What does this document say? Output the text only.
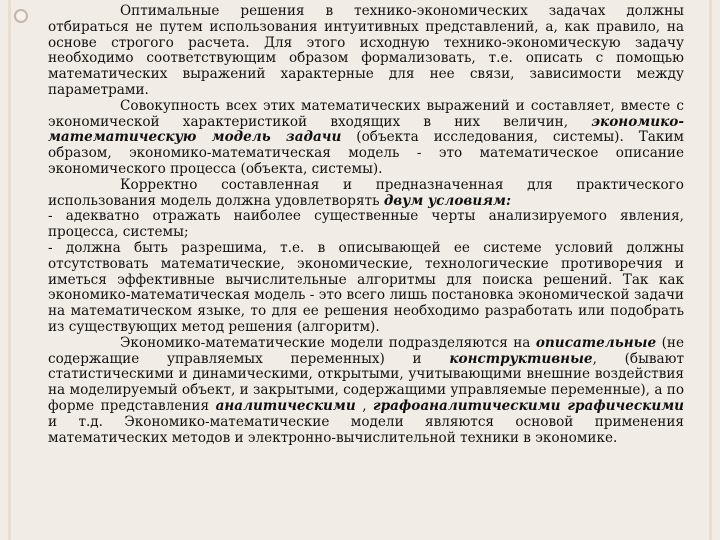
Оптимальные решения в технико-экономических задачах должны отбираться не путем использования интуитивных представлений, а, как правило, на основе строгого расчета. Для этого исходную технико-экономическую задачу необходимо соответствующим образом формализовать, т.е. описать с помощью математических выражений характерные для нее связи, зависимости между параметрами.

Совокупность всех этих математических выражений и составляет, вместе с экономической характеристикой входящих в них величин, экономико-математическую модель задачи (объекта исследования, системы). Таким образом, экономико-математическая модель - это математическое описание экономического процесса (объекта, системы).

Корректно составленная и предназначенная для практического использования модель должна удовлетворять двум условиям:

- адекватно отражать наиболее существенные черты анализируемого явления, процесса, системы;

- должна быть разрешима, т.е. в описывающей ее системе условий должны отсутствовать математические, экономические, технологические противоречия и иметься эффективные вычислительные алгоритмы для поиска решений. Так как экономико-математическая модель - это всего лишь постановка экономической задачи на математическом языке, то для ее решения необходимо разработать или подобрать из существующих метод решения (алгоритм).

Экономико-математические модели подразделяются на описательные (не содержащие управляемых переменных) и конструктивные, (бывают статистическими и динамическими, открытыми, учитывающими внешние воздействия на моделируемый объект, и закрытыми, содержащими управляемые переменные), а по форме представления аналитическими , графоаналитическими графическими и т.д. Экономико-математические модели являются основой применения математических методов и электронно-вычислительной техники в экономике.
